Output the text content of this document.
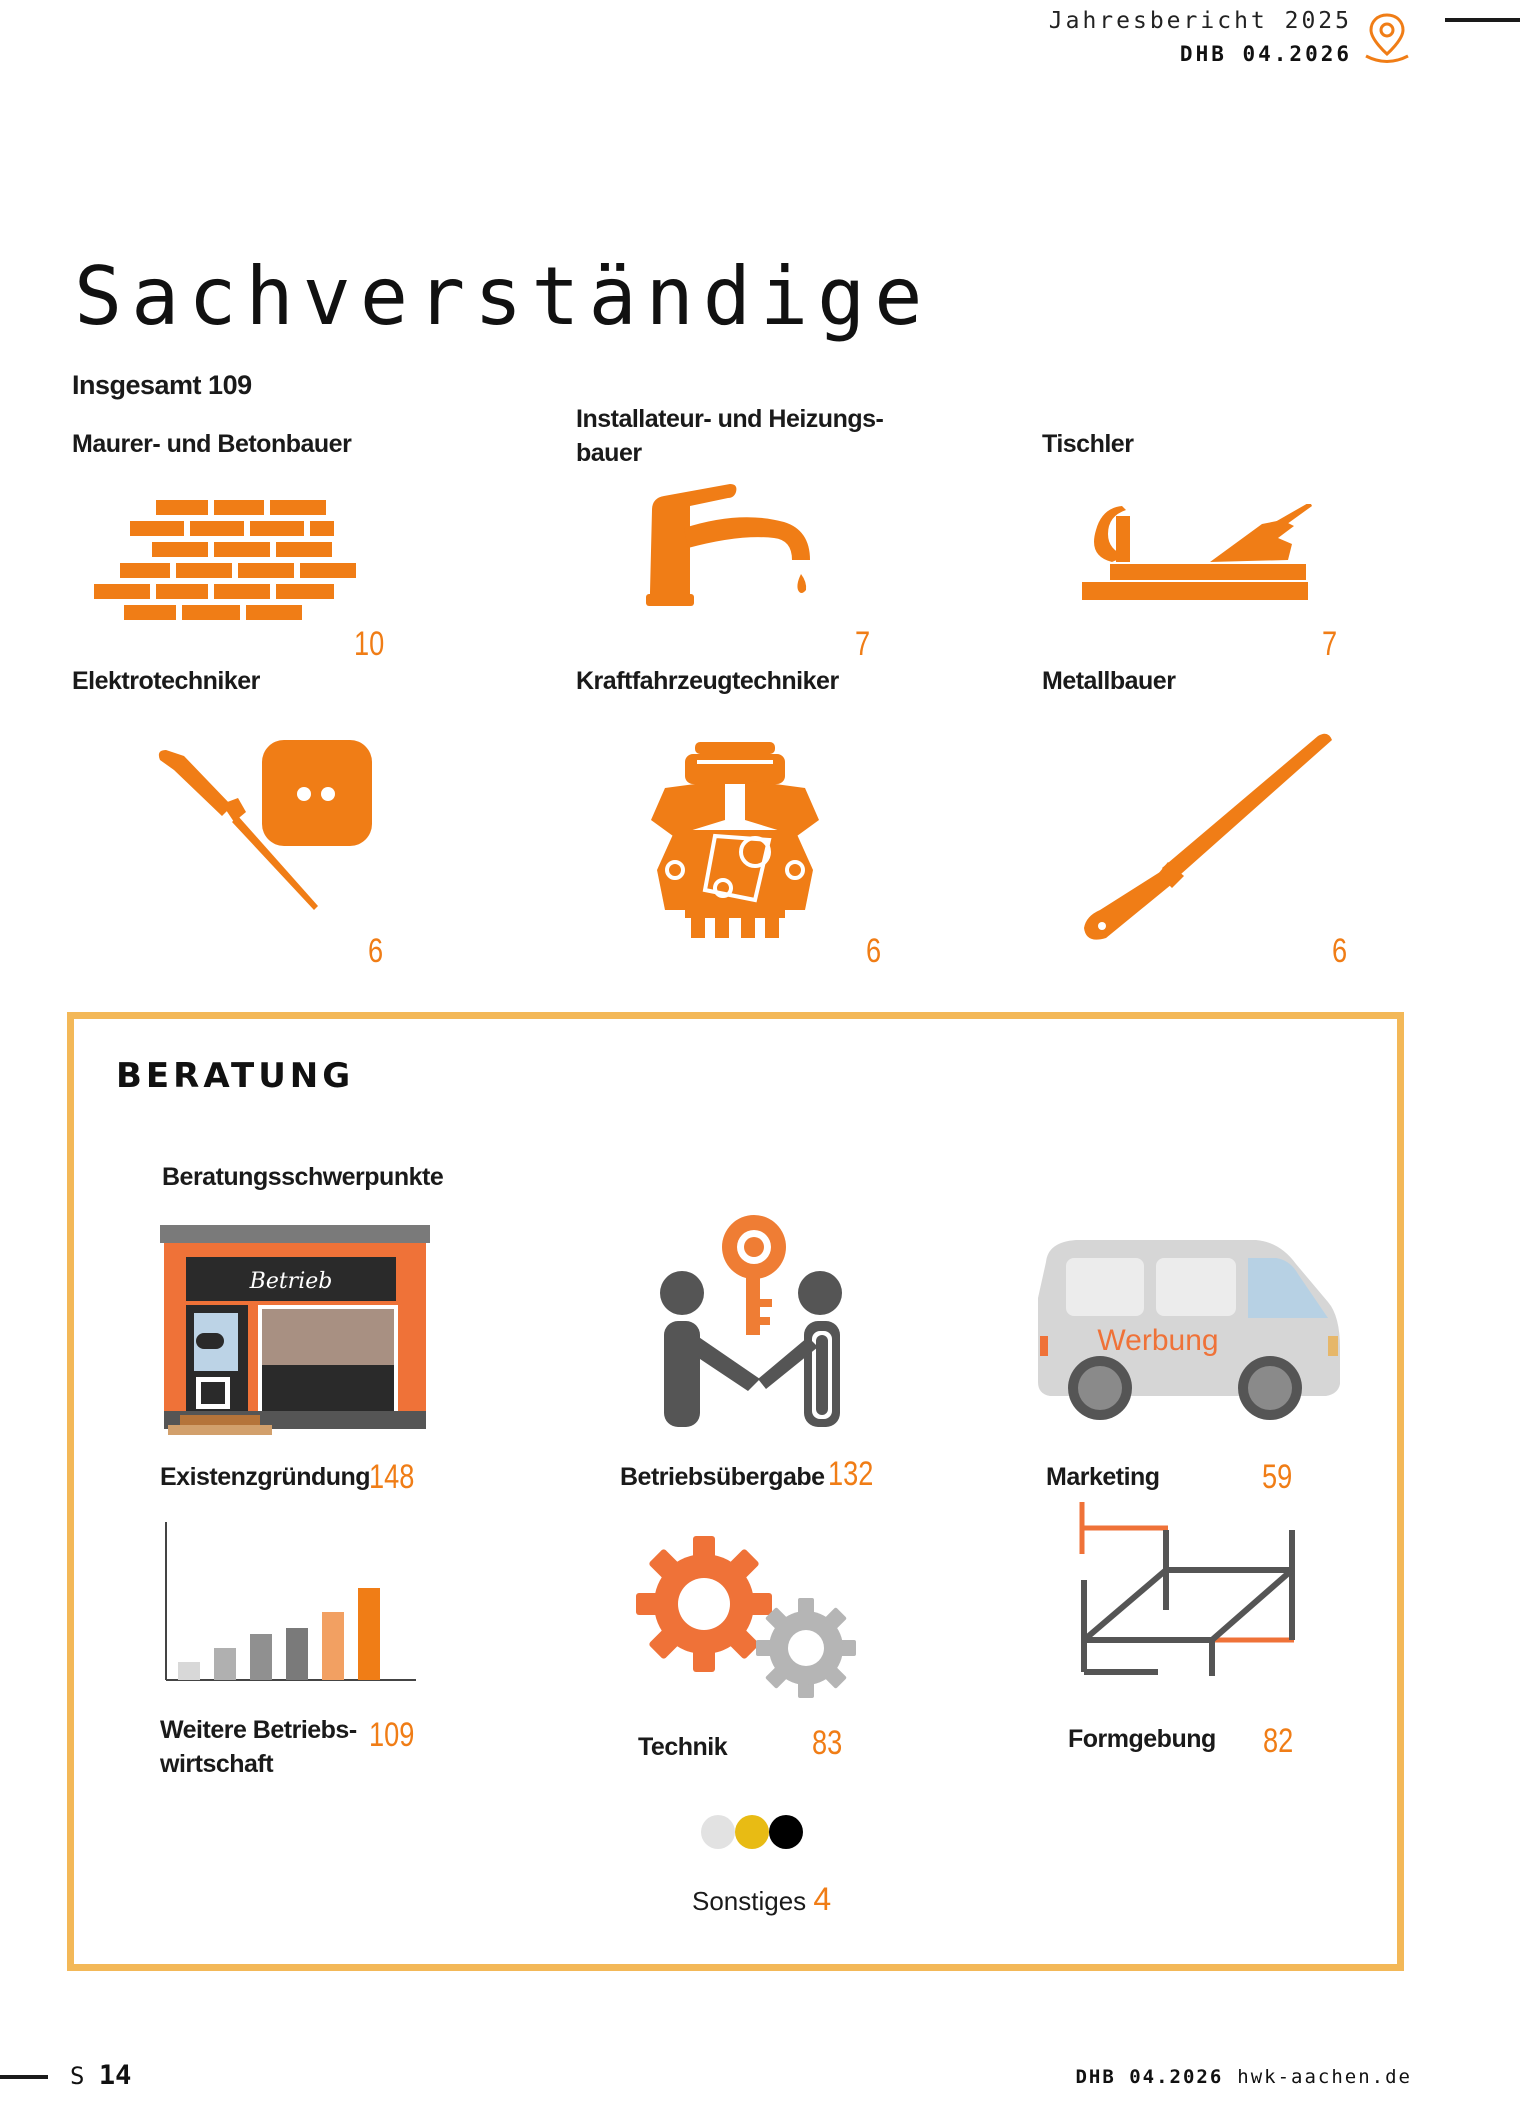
Jahresbericht 2025
DHB 04.2026
Sachverständige
Insgesamt 109
Maurer- und Betonbauer
10
Installateur- und Heizungs-
bauer
7
Tischler
7
Elektrotechniker
6
Kraftfahrzeugtechniker
6
Metallbauer
6
BERATUNG
Beratungsschwerpunkte
Betrieb
Existenzgründung
148	Betriebsübergabe 132
Werbung
Marketing	59
Weitere Betriebs-
wirtschaft
109	Technik 83	Formgebung 82
Sonstiges 4
S 14	DHB 04.2026 hwk-aachen.de
